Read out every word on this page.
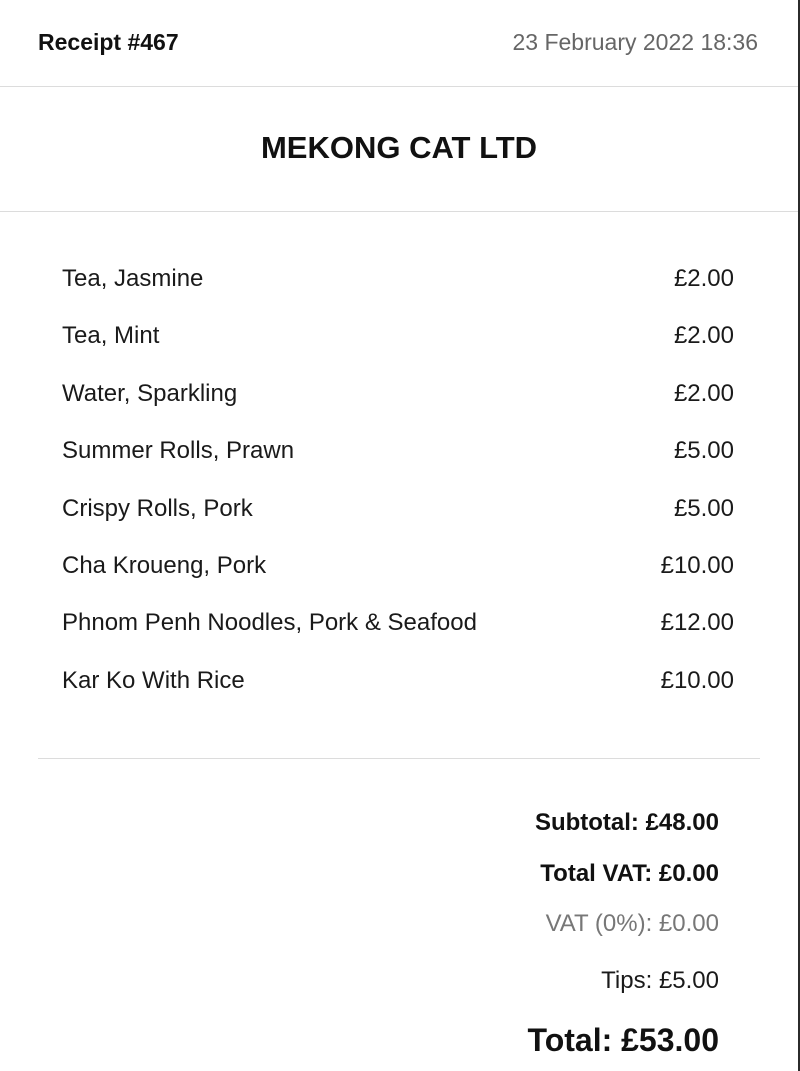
Receipt #467	23 February 2022 18:36
MEKONG CAT LTD
Tea, Jasmine	£2.00
Tea, Mint	£2.00
Water, Sparkling	£2.00
Summer Rolls, Prawn	£5.00
Crispy Rolls, Pork	£5.00
Cha Kroueng, Pork	£10.00
Phnom Penh Noodles, Pork & Seafood	£12.00
Kar Ko With Rice	£10.00
Subtotal: £48.00
Total VAT: £0.00
VAT (0%): £0.00
Tips: £5.00
Total: £53.00
